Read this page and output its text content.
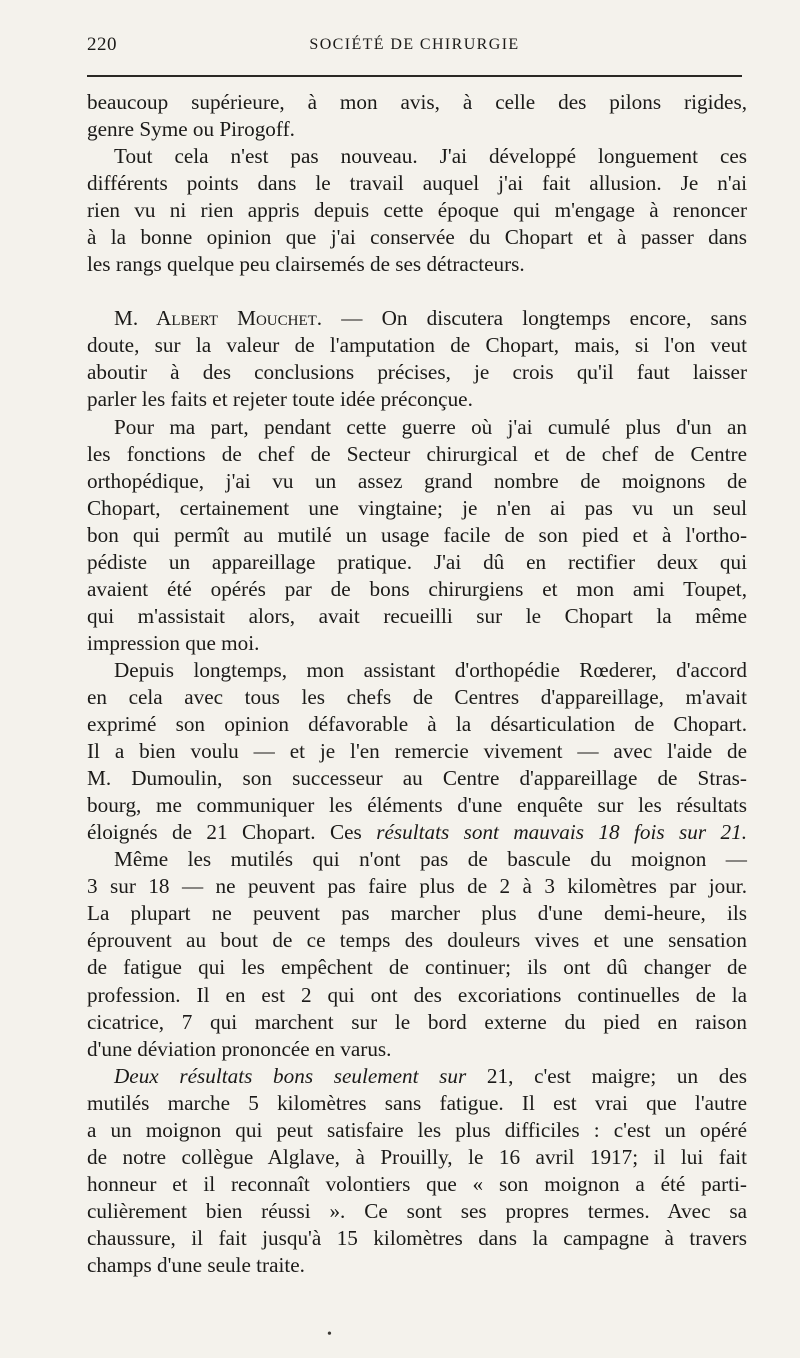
220	SOCIÉTÉ DE CHIRURGIE
beaucoup supérieure, à mon avis, à celle des pilons rigides,
genre Syme ou Pirogoff.
Tout cela n'est pas nouveau. J'ai développé longuement ces
différents points dans le travail auquel j'ai fait allusion. Je n'ai
rien vu ni rien appris depuis cette époque qui m'engage à renoncer
à la bonne opinion que j'ai conservée du Chopart et à passer dans
les rangs quelque peu clairsemés de ses détracteurs.
M. Albert Mouchet. — On discutera longtemps encore, sans
doute, sur la valeur de l'amputation de Chopart, mais, si l'on veut
aboutir à des conclusions précises, je crois qu'il faut laisser
parler les faits et rejeter toute idée préconçue.
Pour ma part, pendant cette guerre où j'ai cumulé plus d'un an
les fonctions de chef de Secteur chirurgical et de chef de Centre
orthopédique, j'ai vu un assez grand nombre de moignons de
Chopart, certainement une vingtaine; je n'en ai pas vu un seul
bon qui permît au mutilé un usage facile de son pied et à l'ortho-
pédiste un appareillage pratique. J'ai dû en rectifier deux qui
avaient été opérés par de bons chirurgiens et mon ami Toupet,
qui m'assistait alors, avait recueilli sur le Chopart la même
impression que moi.
Depuis longtemps, mon assistant d'orthopédie Rœderer, d'accord
en cela avec tous les chefs de Centres d'appareillage, m'avait
exprimé son opinion défavorable à la désarticulation de Chopart.
Il a bien voulu — et je l'en remercie vivement — avec l'aide de
M. Dumoulin, son successeur au Centre d'appareillage de Stras-
bourg, me communiquer les éléments d'une enquête sur les résultats
éloignés de 21 Chopart. Ces résultats sont mauvais 18 fois sur 21.
Même les mutilés qui n'ont pas de bascule du moignon —
3 sur 18 — ne peuvent pas faire plus de 2 à 3 kilomètres par jour.
La plupart ne peuvent pas marcher plus d'une demi-heure, ils
éprouvent au bout de ce temps des douleurs vives et une sensation
de fatigue qui les empêchent de continuer; ils ont dû changer de
profession. Il en est 2 qui ont des excoriations continuelles de la
cicatrice, 7 qui marchent sur le bord externe du pied en raison
d'une déviation prononcée en varus.
Deux résultats bons seulement sur 21, c'est maigre; un des
mutilés marche 5 kilomètres sans fatigue. Il est vrai que l'autre
a un moignon qui peut satisfaire les plus difficiles : c'est un opéré
de notre collègue Alglave, à Prouilly, le 16 avril 1917; il lui fait
honneur et il reconnaît volontiers que « son moignon a été parti-
culièrement bien réussi ». Ce sont ses propres termes. Avec sa
chaussure, il fait jusqu'à 15 kilomètres dans la campagne à travers
champs d'une seule traite.
•
